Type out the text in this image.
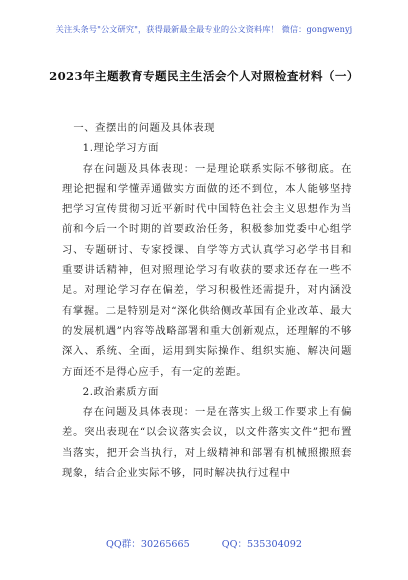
关注头条号"公文研究"，获得最新最全最专业的公文资料库！ 微信：gongwenyj
2023年主题教育专题民主生活会个人对照检查材料（一）

一、查摆出的问题及具体表现

1.理论学习方面

存在问题及具体表现：一是理论联系实际不够彻底。在理论把握和学懂弄通做实方面做的还不到位，本人能够坚持把学习宣传贯彻习近平新时代中国特色社会主义思想作为当前和今后一个时期的首要政治任务，积极参加党委中心组学习、专题研讨、专家授课、自学等方式认真学习必学书目和重要讲话精神，但对照理论学习有收获的要求还存在一些不足。对理论学习存在偏差，学习积极性还需提升，对内涵没有掌握。二是特别是对“深化供给侧改革国有企业改革、最大的发展机遇”内容等战略部署和重大创新观点，还理解的不够深入、系统、全面，运用到实际操作、组织实施、解决问题方面还不是得心应手，有一定的差距。

2.政治素质方面

存在问题及具体表现：一是在落实上级工作要求上有偏差。突出表现在“以会议落实会议，以文件落实文件”把布置当落实，把开会当执行，对上级精神和部署有机械照搬照套现象，结合企业实际不够，同时解决执行过程中

QQ群：30265665	QQ：535304092
